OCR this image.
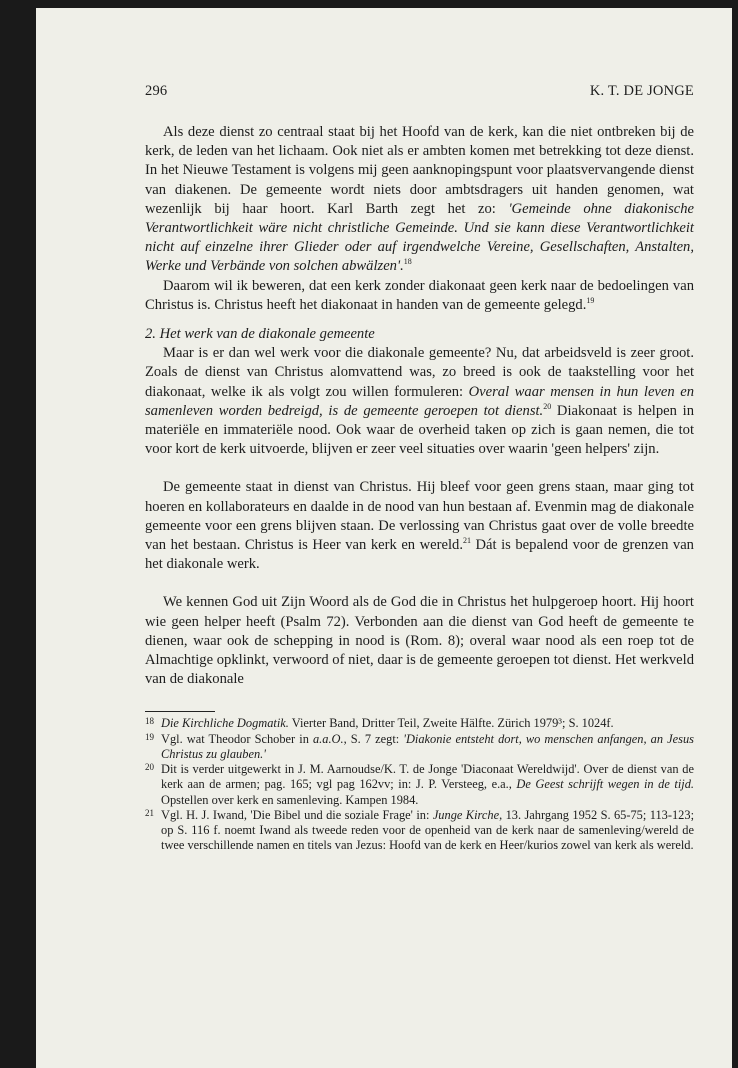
296	K. T. DE JONGE

Als deze dienst zo centraal staat bij het Hoofd van de kerk, kan die niet ontbreken bij de kerk, de leden van het lichaam. Ook niet als er ambten komen met betrekking tot deze dienst. In het Nieuwe Testament is volgens mij geen aanknopingspunt voor plaatsvervangende dienst van diakenen. De gemeente wordt niets door ambtsdragers uit handen genomen, wat wezenlijk bij haar hoort. Karl Barth zegt het zo: 'Gemeinde ohne diakonische Verantwortlichkeit wäre nicht christliche Gemeinde. Und sie kann diese Verantwortlichkeit nicht auf einzelne ihrer Glieder oder auf irgendwelche Vereine, Gesellschaften, Anstalten, Werke und Verbände von solchen abwälzen'.$^{18}$

Daarom wil ik beweren, dat een kerk zonder diakonaat geen kerk naar de bedoelingen van Christus is. Christus heeft het diakonaat in handen van de gemeente gelegd.$^{19}$

2. Het werk van de diakonale gemeente

Maar is er dan wel werk voor die diakonale gemeente? Nu, dat arbeidsveld is zeer groot. Zoals de dienst van Christus alomvattend was, zo breed is ook de taakstelling voor het diakonaat, welke ik als volgt zou willen formuleren: Overal waar mensen in hun leven en samenleven worden bedreigd, is de gemeente geroepen tot dienst.$^{20}$ Diakonaat is helpen in materiële en immateriële nood. Ook waar de overheid taken op zich is gaan nemen, die tot voor kort de kerk uitvoerde, blijven er zeer veel situaties over waarin 'geen helpers' zijn.

De gemeente staat in dienst van Christus. Hij bleef voor geen grens staan, maar ging tot hoeren en kollaborateurs en daalde in de nood van hun bestaan af. Evenmin mag de diakonale gemeente voor een grens blijven staan. De verlossing van Christus gaat over de volle breedte van het bestaan. Christus is Heer van kerk en wereld.$^{21}$ Dát is bepalend voor de grenzen van het diakonale werk.

We kennen God uit Zijn Woord als de God die in Christus het hulpgeroep hoort. Hij hoort wie geen helper heeft (Psalm 72). Verbonden aan die dienst van God heeft de gemeente te dienen, waar ook de schepping in nood is (Rom. 8); overal waar nood als een roep tot de Almachtige opklinkt, verwoord of niet, daar is de gemeente geroepen tot dienst. Het werkveld van de diakonale

18 Die Kirchliche Dogmatik. Vierter Band, Dritter Teil, Zweite Hälfte. Zürich 1979³; S. 1024f.

19 Vgl. wat Theodor Schober in a.a.O., S. 7 zegt: 'Diakonie entsteht dort, wo menschen anfangen, an Jesus Christus zu glauben.'

20 Dit is verder uitgewerkt in J. M. Aarnoudse/K. T. de Jonge 'Diaconaat Wereldwijd'. Over de dienst van de kerk aan de armen; pag. 165; vgl pag 162vv; in: J. P. Versteeg, e.a., De Geest schrijft wegen in de tijd. Opstellen over kerk en samenleving. Kampen 1984.

21 Vgl. H. J. Iwand, 'Die Bibel und die soziale Frage' in: Junge Kirche, 13. Jahrgang 1952 S. 65-75; 113-123; op S. 116 f. noemt Iwand als tweede reden voor de openheid van de kerk naar de samenleving/wereld de twee verschillende namen en titels van Jezus: Hoofd van de kerk en Heer/kurios zowel van kerk als wereld.
